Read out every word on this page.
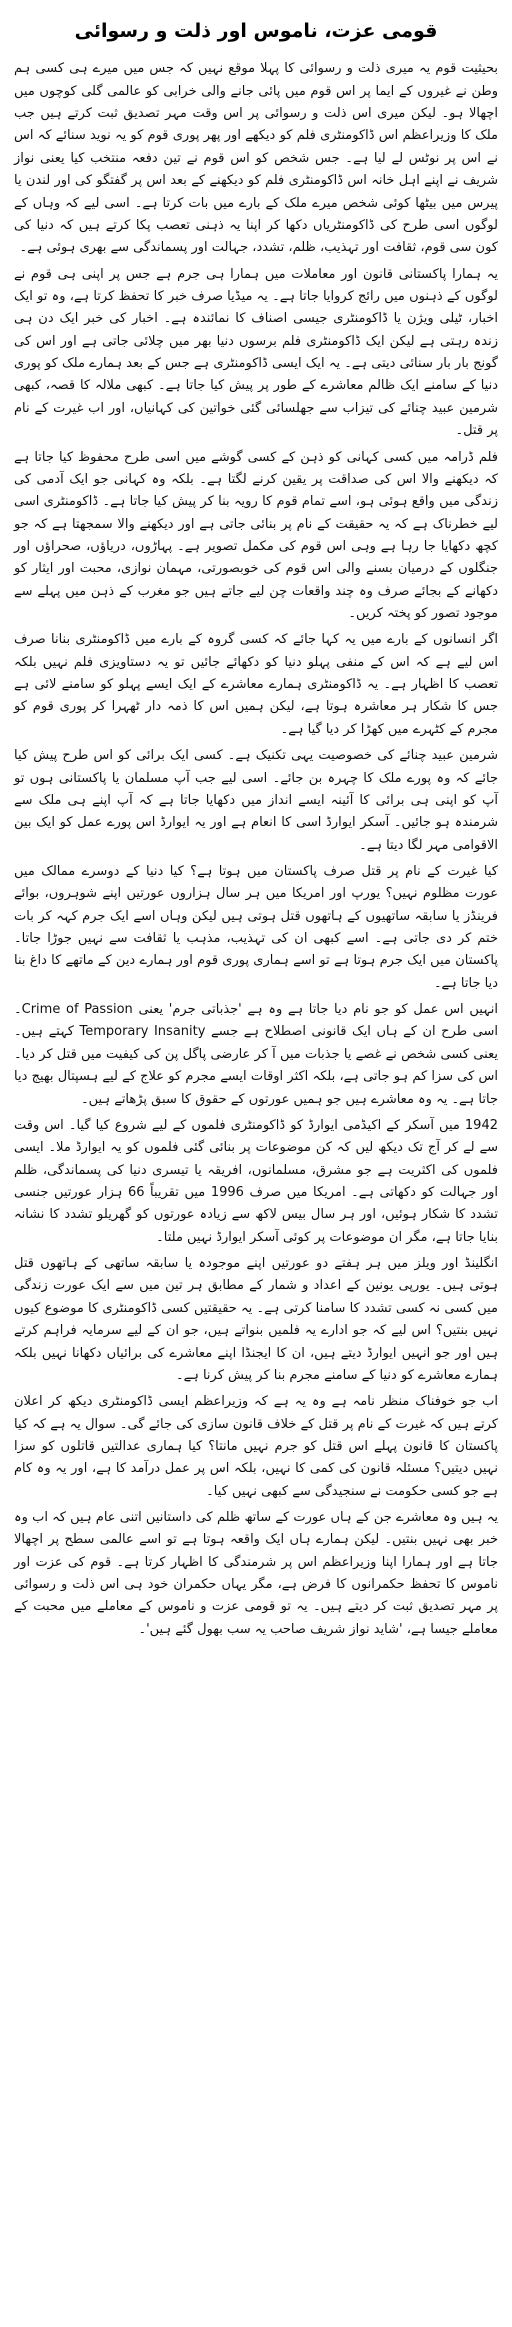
قومی عزت، ناموس اور ذلت و رسوائی

بحیثیت قوم یہ میری ذلت و رسوائی کا پہلا موقع نہیں کہ جس میں میرے ہی کسی ہم وطن نے غیروں کے ایما پر اس قوم میں پائی جانے والی خرابی کو عالمی گلی کوچوں میں اچھالا ہو۔ لیکن میری اس ذلت و رسوائی پر اس وقت مہر تصدیق ثبت کرتے ہیں جب ملک کا وزیراعظم اس ڈاکومنٹری فلم کو دیکھے اور پھر پوری قوم کو یہ نوید سنائے کہ اس نے اس پر نوٹس لے لیا ہے۔ جس شخص کو اس قوم نے تین دفعہ منتخب کیا یعنی نواز شریف نے اپنے اہل خانہ اس ڈاکومنٹری فلم کو دیکھنے کے بعد اس پر گفتگو کی اور لندن یا پیرس میں بیٹھا کوئی شخص میرے ملک کے بارے میں بات کرتا ہے۔ اسی لیے کہ وہاں کے لوگوں اسی طرح کی ڈاکومنٹریاں دکھا کر اپنا یہ ذہنی تعصب پکا کرتے ہیں کہ دنیا کی کون سی قوم، ثقافت اور تہذیب، ظلم، تشدد، جہالت اور پسماندگی سے بھری ہوئی ہے۔

یہ ہمارا پاکستانی قانون اور معاملات میں ہمارا ہی جرم ہے جس پر اپنی ہی قوم نے لوگوں کے ذہنوں میں رائج کروایا جاتا ہے۔ یہ میڈیا صرف خبر کا تحفظ کرتا ہے، وہ تو ایک اخبار، ٹیلی ویژن یا ڈاکومنٹری جیسی اصناف کا نمائندہ ہے۔ اخبار کی خبر ایک دن ہی زندہ رہتی ہے لیکن ایک ڈاکومنٹری فلم برسوں دنیا بھر میں چلائی جاتی ہے اور اس کی گونج بار بار سنائی دیتی ہے۔ یہ ایک ایسی ڈاکومنٹری ہے جس کے بعد ہمارے ملک کو پوری دنیا کے سامنے ایک ظالم معاشرے کے طور پر پیش کیا جاتا ہے۔ کبھی ملالہ کا قصہ، کبھی شرمین عبید چنائے کی تیزاب سے جھلسائی گئی خواتین کی کہانیاں، اور اب غیرت کے نام پر قتل۔

فلم ڈرامہ میں کسی کہانی کو ذہن کے کسی گوشے میں اسی طرح محفوظ کیا جاتا ہے کہ دیکھنے والا اس کی صداقت پر یقین کرنے لگتا ہے۔ بلکہ وہ کہانی جو ایک آدمی کی زندگی میں واقع ہوئی ہو، اسے تمام قوم کا رویہ بنا کر پیش کیا جاتا ہے۔ ڈاکومنٹری اسی لیے خطرناک ہے کہ یہ حقیقت کے نام پر بنائی جاتی ہے اور دیکھنے والا سمجھتا ہے کہ جو کچھ دکھایا جا رہا ہے وہی اس قوم کی مکمل تصویر ہے۔ پہاڑوں، دریاؤں، صحراؤں اور جنگلوں کے درمیان بسنے والی اس قوم کی خوبصورتی، مہمان نوازی، محبت اور ایثار کو دکھانے کے بجائے صرف وہ چند واقعات چن لیے جاتے ہیں جو مغرب کے ذہن میں پہلے سے موجود تصور کو پختہ کریں۔

اگر انسانوں کے بارے میں یہ کہا جائے کہ کسی گروہ کے بارے میں ڈاکومنٹری بنانا صرف اس لیے ہے کہ اس کے منفی پہلو دنیا کو دکھائے جائیں تو یہ دستاویزی فلم نہیں بلکہ تعصب کا اظہار ہے۔ یہ ڈاکومنٹری ہمارے معاشرے کے ایک ایسے پہلو کو سامنے لائی ہے جس کا شکار ہر معاشرہ ہوتا ہے، لیکن ہمیں اس کا ذمہ دار ٹھہرا کر پوری قوم کو مجرم کے کٹہرے میں کھڑا کر دیا گیا ہے۔

شرمین عبید چنائے کی خصوصیت یہی تکنیک ہے۔ کسی ایک برائی کو اس طرح پیش کیا جائے کہ وہ پورے ملک کا چہرہ بن جائے۔ اسی لیے جب آپ مسلمان یا پاکستانی ہوں تو آپ کو اپنی ہی برائی کا آئینہ ایسے انداز میں دکھایا جاتا ہے کہ آپ اپنے ہی ملک سے شرمندہ ہو جائیں۔ آسکر ایوارڈ اسی کا انعام ہے اور یہ ایوارڈ اس پورے عمل کو ایک بین الاقوامی مہر لگا دیتا ہے۔

کیا غیرت کے نام پر قتل صرف پاکستان میں ہوتا ہے؟ کیا دنیا کے دوسرے ممالک میں عورت مظلوم نہیں؟ یورپ اور امریکا میں ہر سال ہزاروں عورتیں اپنے شوہروں، بوائے فرینڈز یا سابقہ ساتھیوں کے ہاتھوں قتل ہوتی ہیں لیکن وہاں اسے ایک جرم کہہ کر بات ختم کر دی جاتی ہے۔ اسے کبھی ان کی تہذیب، مذہب یا ثقافت سے نہیں جوڑا جاتا۔ پاکستان میں ایک جرم ہوتا ہے تو اسے ہماری پوری قوم اور ہمارے دین کے ماتھے کا داغ بنا دیا جاتا ہے۔

انہیں اس عمل کو جو نام دیا جاتا ہے وہ ہے 'جذباتی جرم' یعنی Crime of Passion۔ اسی طرح ان کے ہاں ایک قانونی اصطلاح ہے جسے Temporary Insanity کہتے ہیں۔ یعنی کسی شخص نے غصے یا جذبات میں آ کر عارضی پاگل پن کی کیفیت میں قتل کر دیا۔ اس کی سزا کم ہو جاتی ہے، بلکہ اکثر اوقات ایسے مجرم کو علاج کے لیے ہسپتال بھیج دیا جاتا ہے۔ یہ وہ معاشرے ہیں جو ہمیں عورتوں کے حقوق کا سبق پڑھاتے ہیں۔

1942 میں آسکر کے اکیڈمی ایوارڈ کو ڈاکومنٹری فلموں کے لیے شروع کیا گیا۔ اس وقت سے لے کر آج تک دیکھ لیں کہ کن موضوعات پر بنائی گئی فلموں کو یہ ایوارڈ ملا۔ ایسی فلموں کی اکثریت ہے جو مشرق، مسلمانوں، افریقہ یا تیسری دنیا کی پسماندگی، ظلم اور جہالت کو دکھاتی ہے۔ امریکا میں صرف 1996 میں تقریباً 66 ہزار عورتیں جنسی تشدد کا شکار ہوئیں، اور ہر سال بیس لاکھ سے زیادہ عورتوں کو گھریلو تشدد کا نشانہ بنایا جاتا ہے، مگر ان موضوعات پر کوئی آسکر ایوارڈ نہیں ملتا۔

انگلینڈ اور ویلز میں ہر ہفتے دو عورتیں اپنے موجودہ یا سابقہ ساتھی کے ہاتھوں قتل ہوتی ہیں۔ یورپی یونین کے اعداد و شمار کے مطابق ہر تین میں سے ایک عورت زندگی میں کسی نہ کسی تشدد کا سامنا کرتی ہے۔ یہ حقیقتیں کسی ڈاکومنٹری کا موضوع کیوں نہیں بنتیں؟ اس لیے کہ جو ادارے یہ فلمیں بنواتے ہیں، جو ان کے لیے سرمایہ فراہم کرتے ہیں اور جو انہیں ایوارڈ دیتے ہیں، ان کا ایجنڈا اپنے معاشرے کی برائیاں دکھانا نہیں بلکہ ہمارے معاشرے کو دنیا کے سامنے مجرم بنا کر پیش کرنا ہے۔

اب جو خوفناک منظر نامہ ہے وہ یہ ہے کہ وزیراعظم ایسی ڈاکومنٹری دیکھ کر اعلان کرتے ہیں کہ غیرت کے نام پر قتل کے خلاف قانون سازی کی جائے گی۔ سوال یہ ہے کہ کیا پاکستان کا قانون پہلے اس قتل کو جرم نہیں مانتا؟ کیا ہماری عدالتیں قاتلوں کو سزا نہیں دیتیں؟ مسئلہ قانون کی کمی کا نہیں، بلکہ اس پر عمل درآمد کا ہے، اور یہ وہ کام ہے جو کسی حکومت نے سنجیدگی سے کبھی نہیں کیا۔

یہ ہیں وہ معاشرے جن کے ہاں عورت کے ساتھ ظلم کی داستانیں اتنی عام ہیں کہ اب وہ خبر بھی نہیں بنتیں۔ لیکن ہمارے ہاں ایک واقعہ ہوتا ہے تو اسے عالمی سطح پر اچھالا جاتا ہے اور ہمارا اپنا وزیراعظم اس پر شرمندگی کا اظہار کرتا ہے۔ قوم کی عزت اور ناموس کا تحفظ حکمرانوں کا فرض ہے، مگر یہاں حکمران خود ہی اس ذلت و رسوائی پر مہر تصدیق ثبت کر دیتے ہیں۔ یہ تو قومی عزت و ناموس کے معاملے میں محبت کے معاملے جیسا ہے، 'شاید نواز شریف صاحب یہ سب بھول گئے ہیں'۔
